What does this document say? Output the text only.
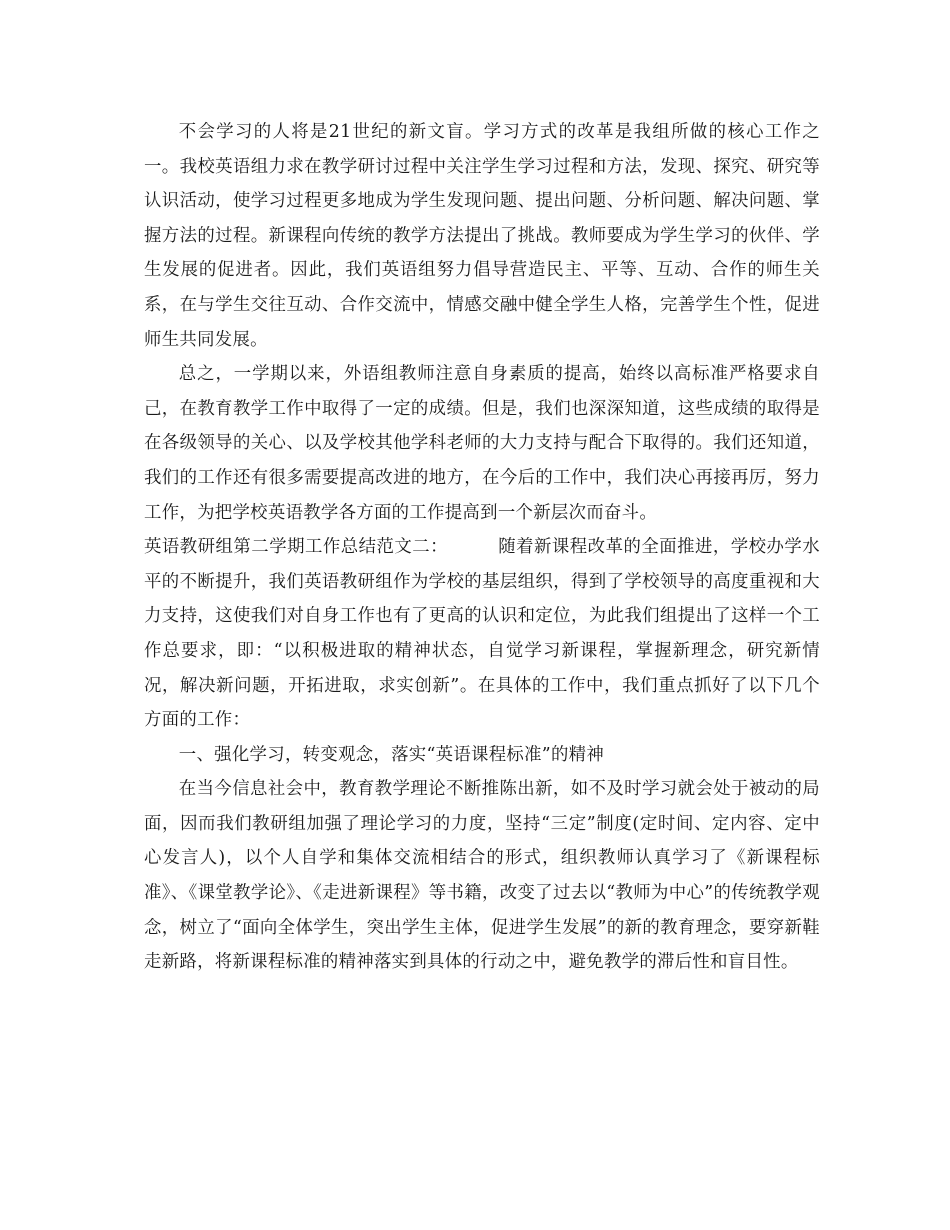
不会学习的人将是21世纪的新文盲。学习方式的改革是我组所做的核心工作之一。我校英语组力求在教学研讨过程中关注学生学习过程和方法，发现、探究、研究等认识活动，使学习过程更多地成为学生发现问题、提出问题、分析问题、解决问题、掌握方法的过程。新课程向传统的教学方法提出了挑战。教师要成为学生学习的伙伴、学生发展的促进者。因此，我们英语组努力倡导营造民主、平等、互动、合作的师生关系，在与学生交往互动、合作交流中，情感交融中健全学生人格，完善学生个性，促进师生共同发展。

总之，一学期以来，外语组教师注意自身素质的提高，始终以高标准严格要求自己，在教育教学工作中取得了一定的成绩。但是，我们也深深知道，这些成绩的取得是在各级领导的关心、以及学校其他学科老师的大力支持与配合下取得的。我们还知道，我们的工作还有很多需要提高改进的地方，在今后的工作中，我们决心再接再厉，努力工作，为把学校英语教学各方面的工作提高到一个新层次而奋斗。

英语教研组第二学期工作总结范文二：	随着新课程改革的全面推进，学校办学水平的不断提升，我们英语教研组作为学校的基层组织，得到了学校领导的高度重视和大力支持，这使我们对自身工作也有了更高的认识和定位，为此我们组提出了这样一个工作总要求，即：“以积极进取的精神状态，自觉学习新课程，掌握新理念，研究新情况，解决新问题，开拓进取，求实创新”。在具体的工作中，我们重点抓好了以下几个方面的工作：

一、强化学习，转变观念，落实“英语课程标准”的精神

在当今信息社会中，教育教学理论不断推陈出新，如不及时学习就会处于被动的局面，因而我们教研组加强了理论学习的力度，坚持“三定”制度(定时间、定内容、定中心发言人)，以个人自学和集体交流相结合的形式，组织教师认真学习了《新课程标准》、《课堂教学论》、《走进新课程》等书籍，改变了过去以“教师为中心”的传统教学观念，树立了“面向全体学生，突出学生主体，促进学生发展”的新的教育理念，要穿新鞋走新路，将新课程标准的精神落实到具体的行动之中，避免教学的滞后性和盲目性。
